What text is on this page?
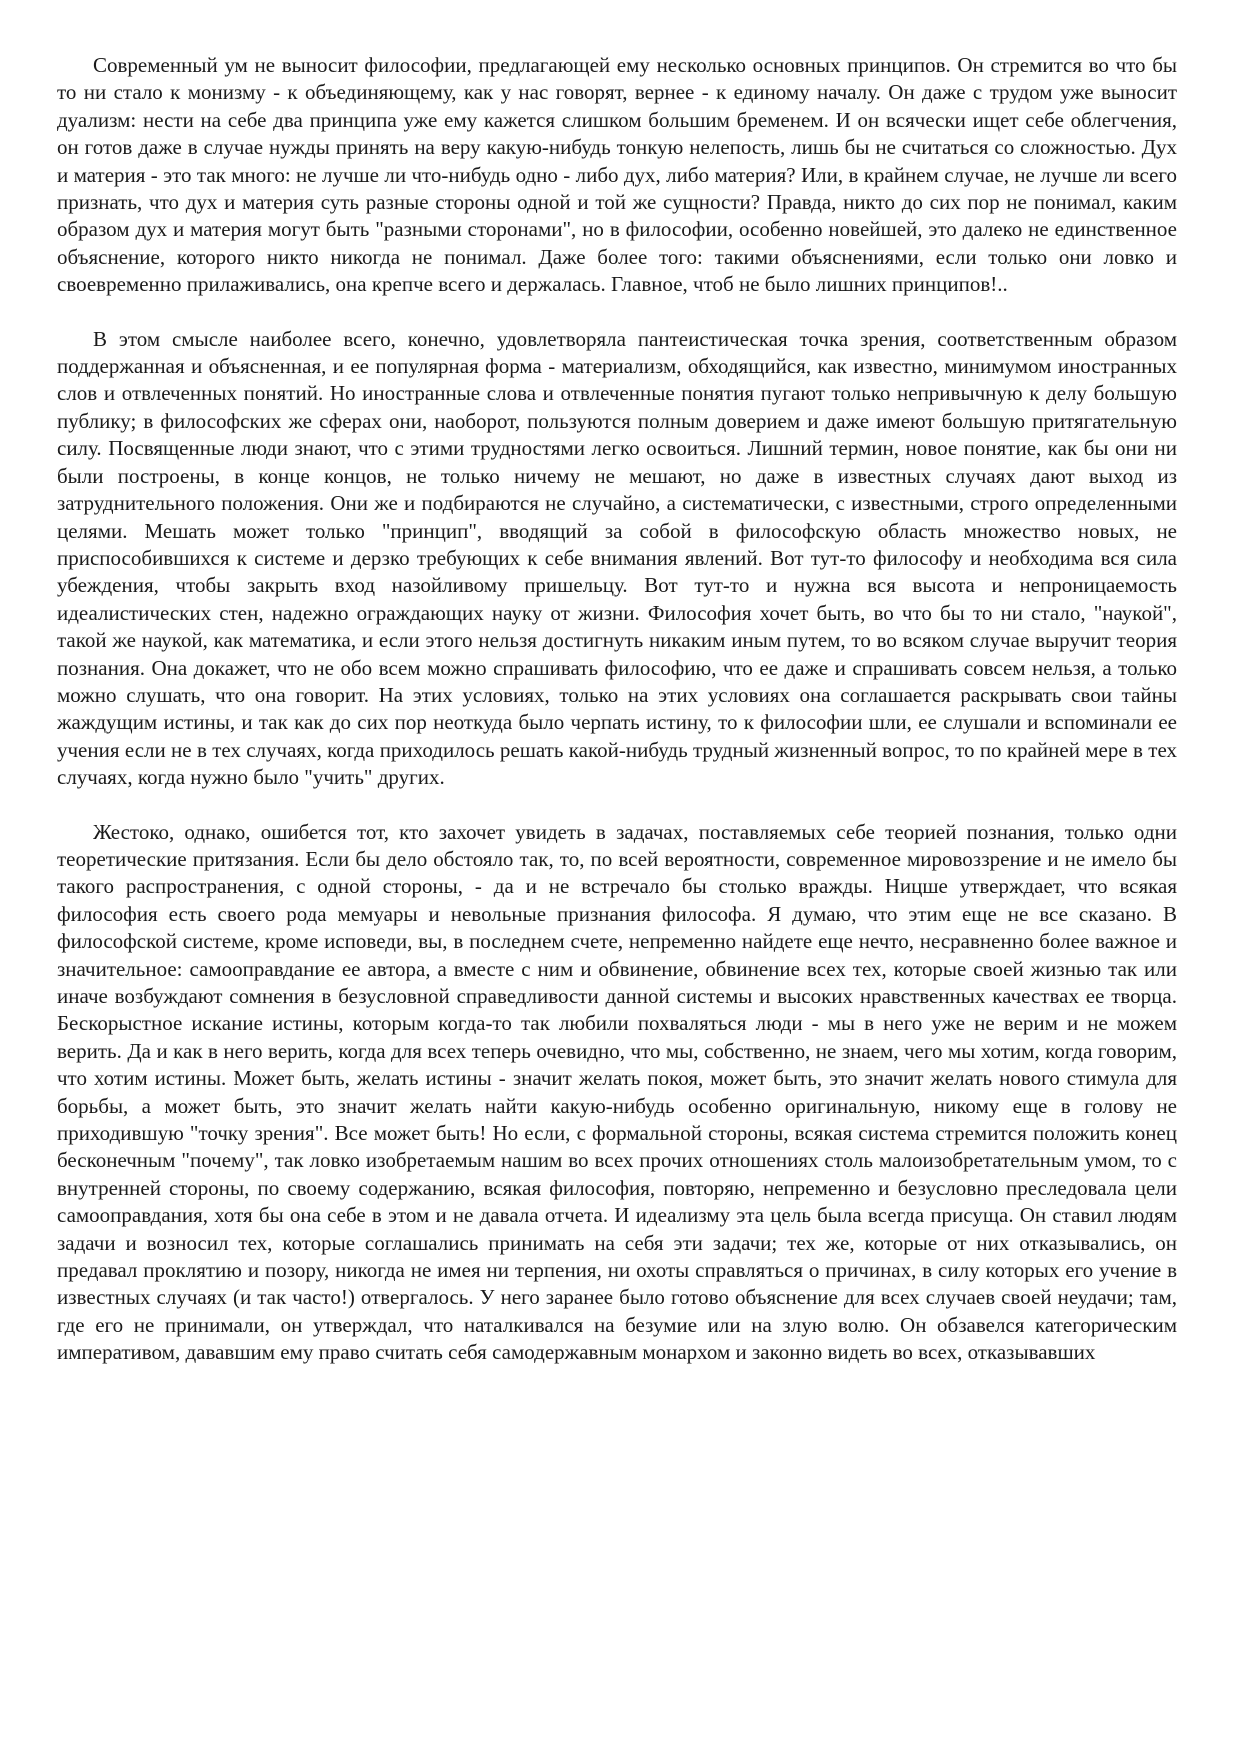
Современный ум не выносит философии, предлагающей ему несколько основных принципов. Он стремится во что бы то ни стало к монизму - к объединяющему, как у нас говорят, вернее - к единому началу. Он даже с трудом уже выносит дуализм: нести на себе два принципа уже ему кажется слишком большим бременем. И он всячески ищет себе облегчения, он готов даже в случае нужды принять на веру какую-нибудь тонкую нелепость, лишь бы не считаться со сложностью. Дух и материя - это так много: не лучше ли что-нибудь одно - либо дух, либо материя? Или, в крайнем случае, не лучше ли всего признать, что дух и материя суть разные стороны одной и той же сущности? Правда, никто до сих пор не понимал, каким образом дух и материя могут быть "разными сторонами", но в философии, особенно новейшей, это далеко не единственное объяснение, которого никто никогда не понимал. Даже более того: такими объяснениями, если только они ловко и своевременно прилаживались, она крепче всего и держалась. Главное, чтоб не было лишних принципов!..

В этом смысле наиболее всего, конечно, удовлетворяла пантеистическая точка зрения, соответственным образом поддержанная и объясненная, и ее популярная форма - материализм, обходящийся, как известно, минимумом иностранных слов и отвлеченных понятий. Но иностранные слова и отвлеченные понятия пугают только непривычную к делу большую публику; в философских же сферах они, наоборот, пользуются полным доверием и даже имеют большую притягательную силу. Посвященные люди знают, что с этими трудностями легко освоиться. Лишний термин, новое понятие, как бы они ни были построены, в конце концов, не только ничему не мешают, но даже в известных случаях дают выход из затруднительного положения. Они же и подбираются не случайно, а систематически, с известными, строго определенными целями. Мешать может только "принцип", вводящий за собой в философскую область множество новых, не приспособившихся к системе и дерзко требующих к себе внимания явлений. Вот тут-то философу и необходима вся сила убеждения, чтобы закрыть вход назойливому пришельцу. Вот тут-то и нужна вся высота и непроницаемость идеалистических стен, надежно ограждающих науку от жизни. Философия хочет быть, во что бы то ни стало, "наукой", такой же наукой, как математика, и если этого нельзя достигнуть никаким иным путем, то во всяком случае выручит теория познания. Она докажет, что не обо всем можно спрашивать философию, что ее даже и спрашивать совсем нельзя, а только можно слушать, что она говорит. На этих условиях, только на этих условиях она соглашается раскрывать свои тайны жаждущим истины, и так как до сих пор неоткуда было черпать истину, то к философии шли, ее слушали и вспоминали ее учения если не в тех случаях, когда приходилось решать какой-нибудь трудный жизненный вопрос, то по крайней мере в тех случаях, когда нужно было "учить" других.

Жестоко, однако, ошибется тот, кто захочет увидеть в задачах, поставляемых себе теорией познания, только одни теоретические притязания. Если бы дело обстояло так, то, по всей вероятности, современное мировоззрение и не имело бы такого распространения, с одной стороны, - да и не встречало бы столько вражды. Ницше утверждает, что всякая философия есть своего рода мемуары и невольные признания философа. Я думаю, что этим еще не все сказано. В философской системе, кроме исповеди, вы, в последнем счете, непременно найдете еще нечто, несравненно более важное и значительное: самооправдание ее автора, а вместе с ним и обвинение, обвинение всех тех, которые своей жизнью так или иначе возбуждают сомнения в безусловной справедливости данной системы и высоких нравственных качествах ее творца. Бескорыстное искание истины, которым когда-то так любили похваляться люди - мы в него уже не верим и не можем верить. Да и как в него верить, когда для всех теперь очевидно, что мы, собственно, не знаем, чего мы хотим, когда говорим, что хотим истины. Может быть, желать истины - значит желать покоя, может быть, это значит желать нового стимула для борьбы, а может быть, это значит желать найти какую-нибудь особенно оригинальную, никому еще в голову не приходившую "точку зрения". Все может быть! Но если, с формальной стороны, всякая система стремится положить конец бесконечным "почему", так ловко изобретаемым нашим во всех прочих отношениях столь малоизобретательным умом, то с внутренней стороны, по своему содержанию, всякая философия, повторяю, непременно и безусловно преследовала цели самооправдания, хотя бы она себе в этом и не давала отчета. И идеализму эта цель была всегда присуща. Он ставил людям задачи и возносил тех, которые соглашались принимать на себя эти задачи; тех же, которые от них отказывались, он предавал проклятию и позору, никогда не имея ни терпения, ни охоты справляться о причинах, в силу которых его учение в известных случаях (и так часто!) отвергалось. У него заранее было готово объяснение для всех случаев своей неудачи; там, где его не принимали, он утверждал, что наталкивался на безумие или на злую волю. Он обзавелся категорическим императивом, дававшим ему право считать себя самодержавным монархом и законно видеть во всех, отказывавших
